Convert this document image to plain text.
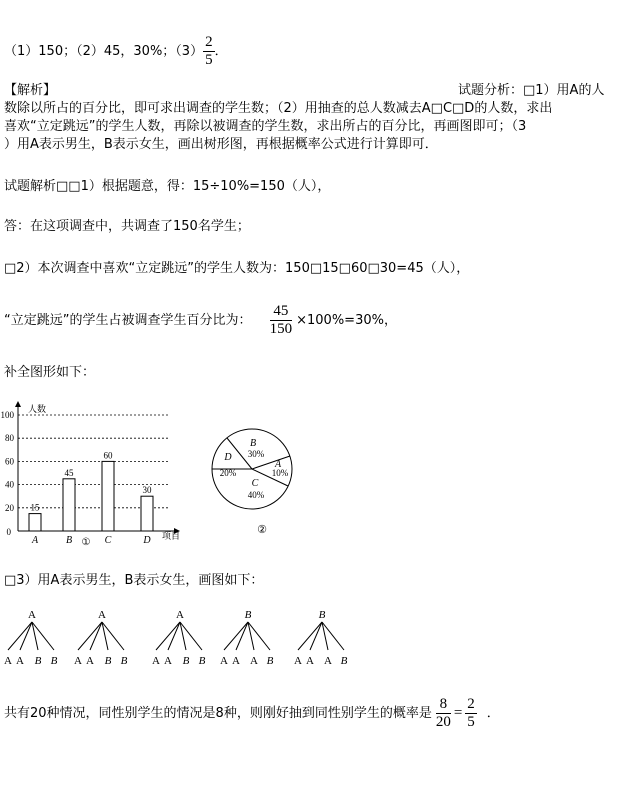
（1）150；（2）45，30%；$(3) \frac{2}{5}$ ．
【解析】	试题分析：□1）用A的人
数除以所占的百分比，即可求出调查的学生数；（2）用抽查的总人数减去A□C□D的人数，求出
喜欢“立定跳远”的学生人数，再除以被调查的学生数，求出所占的百分比，再画图即可；（3
）用A表示男生，B表示女生，画出树形图，再根据概率公式进行计算即可．
试题解析□□1）根据题意，得：15÷10%=150（人），
答：在这项调查中，共调查了150名学生；
□2）本次调查中喜欢“立定跳远”的学生人数为：150□15□60□30=45（人），
“立定跳远”的学生占被调查学生百分比为： $\frac{45}{150} \times 100\%=30\%$，
补全图形如下：
人数
项目
0
20
40
60
80
100
15
A
45
B
60
C
30
D
①
B
30%
A
10%
C
40%
D
20%
②
□3）用A表示男生，B表示女生，画图如下：
A
A A B B
A
A A B B
A
A A B B
B
A A A B
B
A A A B
共有20种情况，同性别学生的情况是8种，则刚好抽到同性别学生的概率是 $\frac{8}{20} = \frac{2}{5}$ ．
